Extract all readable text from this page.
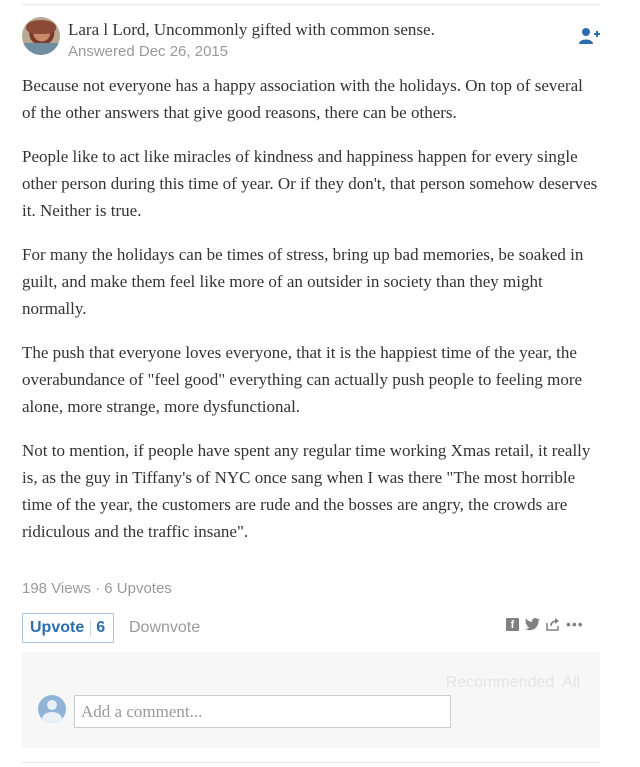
Lara l Lord, Uncommonly gifted with common sense.
Answered Dec 26, 2015

Because not everyone has a happy association with the holidays. On top of several of the other answers that give good reasons, there can be others.

People like to act like miracles of kindness and happiness happen for every single other person during this time of year. Or if they don't, that person somehow deserves it. Neither is true.

For many the holidays can be times of stress, bring up bad memories, be soaked in guilt, and make them feel like more of an outsider in society than they might normally.

The push that everyone loves everyone, that it is the happiest time of the year, the overabundance of "feel good" everything can actually push people to feeling more alone, more strange, more dysfunctional.

Not to mention, if people have spent any regular time working Xmas retail, it really is, as the guy in Tiffany's of NYC once sang when I was there "The most horrible time of the year, the customers are rude and the bosses are angry, the crowds are ridiculous and the traffic insane".

198 Views · 6 Upvotes
Upvote 6 Downvote	f	•••
Recommended All
Add a comment...
